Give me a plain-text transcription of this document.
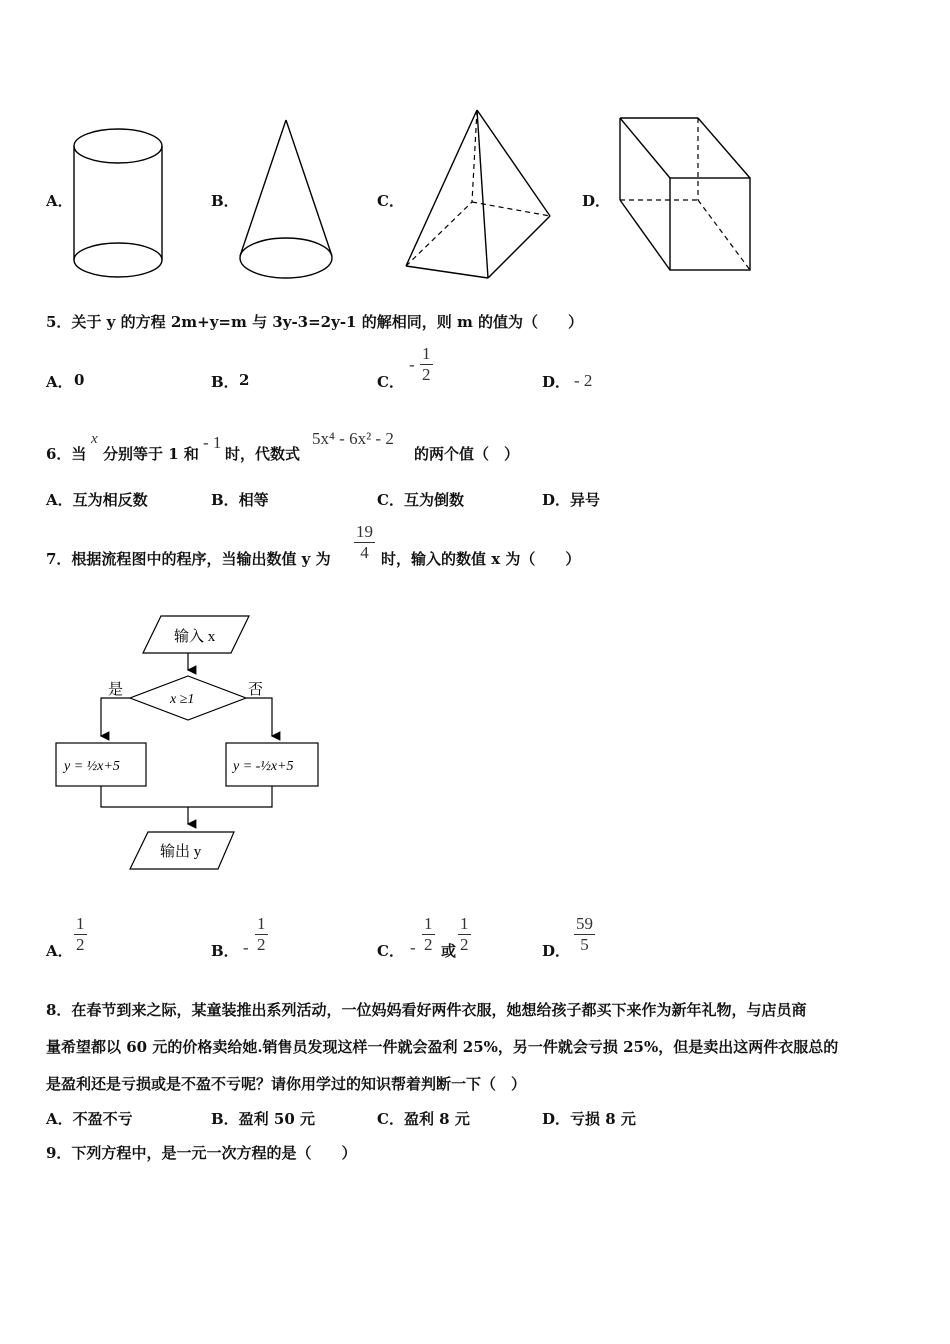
A．	B．	C．	D．
5．关于 y 的方程 2m+y=m 与 3y-3=2y-1 的解相同，则 m 的值为（　　）
A． 0	B． 2	C．
- $\frac{1}{2}$	D． - 2
6．当
x
分别等于 1 和
- 1
时，代数式
5x⁴ - 6x² - 2
的两个值（　）
A．互为相反数	B．相等	C．互为倒数	D．异号
7．根据流程图中的程序，当输出数值 y 为 $\frac{19}{4}$ 时，输入的数值 x 为（　　）
输入 x
x ≥1
是	否
y = ½x+5	y = -½x+5
输出 y
A． $\frac{1}{2}$	B． - $\frac{1}{2}$	C． - $\frac{1}{2}$ 或 $\frac{1}{2}$	D． $\frac{59}{5}$
8．在春节到来之际，某童装推出系列活动，一位妈妈看好两件衣服，她想给孩子都买下来作为新年礼物，与店员商
量希望都以 60 元的价格卖给她.销售员发现这样一件就会盈利 25%，另一件就会亏损 25%，但是卖出这两件衣服总的
是盈利还是亏损或是不盈不亏呢？请你用学过的知识帮着判断一下（　）
A．不盈不亏	B．盈利 50 元	C．盈利 8 元	D．亏损 8 元
9．下列方程中，是一元一次方程的是（　　）
